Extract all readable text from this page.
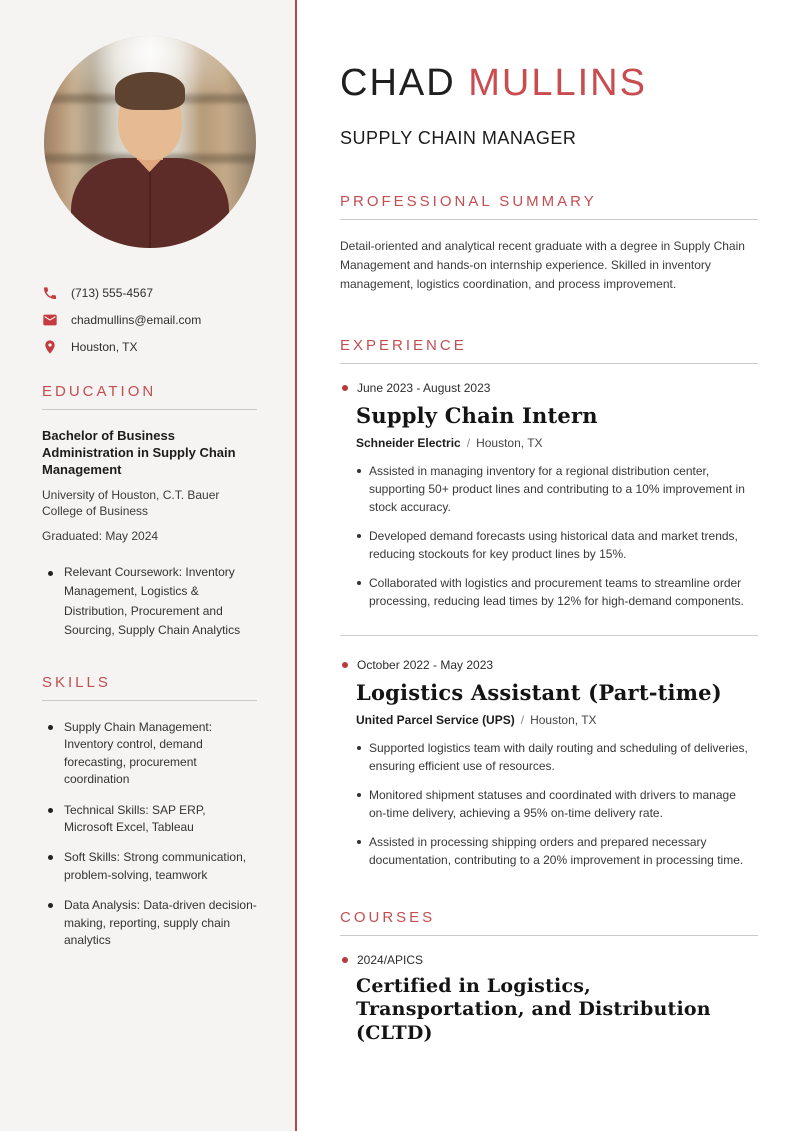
(713) 555-4567
chadmullins@email.com
Houston, TX
EDUCATION

Bachelor of Business Administration in Supply Chain Management

University of Houston, C.T. Bauer College of Business

Graduated: May 2024

Relevant Coursework: Inventory Management, Logistics & Distribution, Procurement and Sourcing, Supply Chain Analytics
SKILLS
Supply Chain Management: Inventory control, demand forecasting, procurement coordination
Technical Skills: SAP ERP, Microsoft Excel, Tableau
Soft Skills: Strong communication, problem-solving, teamwork
Data Analysis: Data-driven decision-making, reporting, supply chain analytics
CHAD MULLINS

SUPPLY CHAIN MANAGER

PROFESSIONAL SUMMARY

Detail-oriented and analytical recent graduate with a degree in Supply Chain Management and hands-on internship experience. Skilled in inventory management, logistics coordination, and process improvement.

EXPERIENCE
June 2023 - August 2023
Supply Chain Intern
Schneider Electric / Houston, TX
Assisted in managing inventory for a regional distribution center, supporting 50+ product lines and contributing to a 10% improvement in stock accuracy.
Developed demand forecasts using historical data and market trends, reducing stockouts for key product lines by 15%.
Collaborated with logistics and procurement teams to streamline order processing, reducing lead times by 12% for high-demand components.
October 2022 - May 2023
Logistics Assistant (Part-time)
United Parcel Service (UPS) / Houston, TX
Supported logistics team with daily routing and scheduling of deliveries, ensuring efficient use of resources.
Monitored shipment statuses and coordinated with drivers to manage on-time delivery, achieving a 95% on-time delivery rate.
Assisted in processing shipping orders and prepared necessary documentation, contributing to a 20% improvement in processing time.
COURSES
2024/APICS
Certified in Logistics, Transportation, and Distribution (CLTD)
